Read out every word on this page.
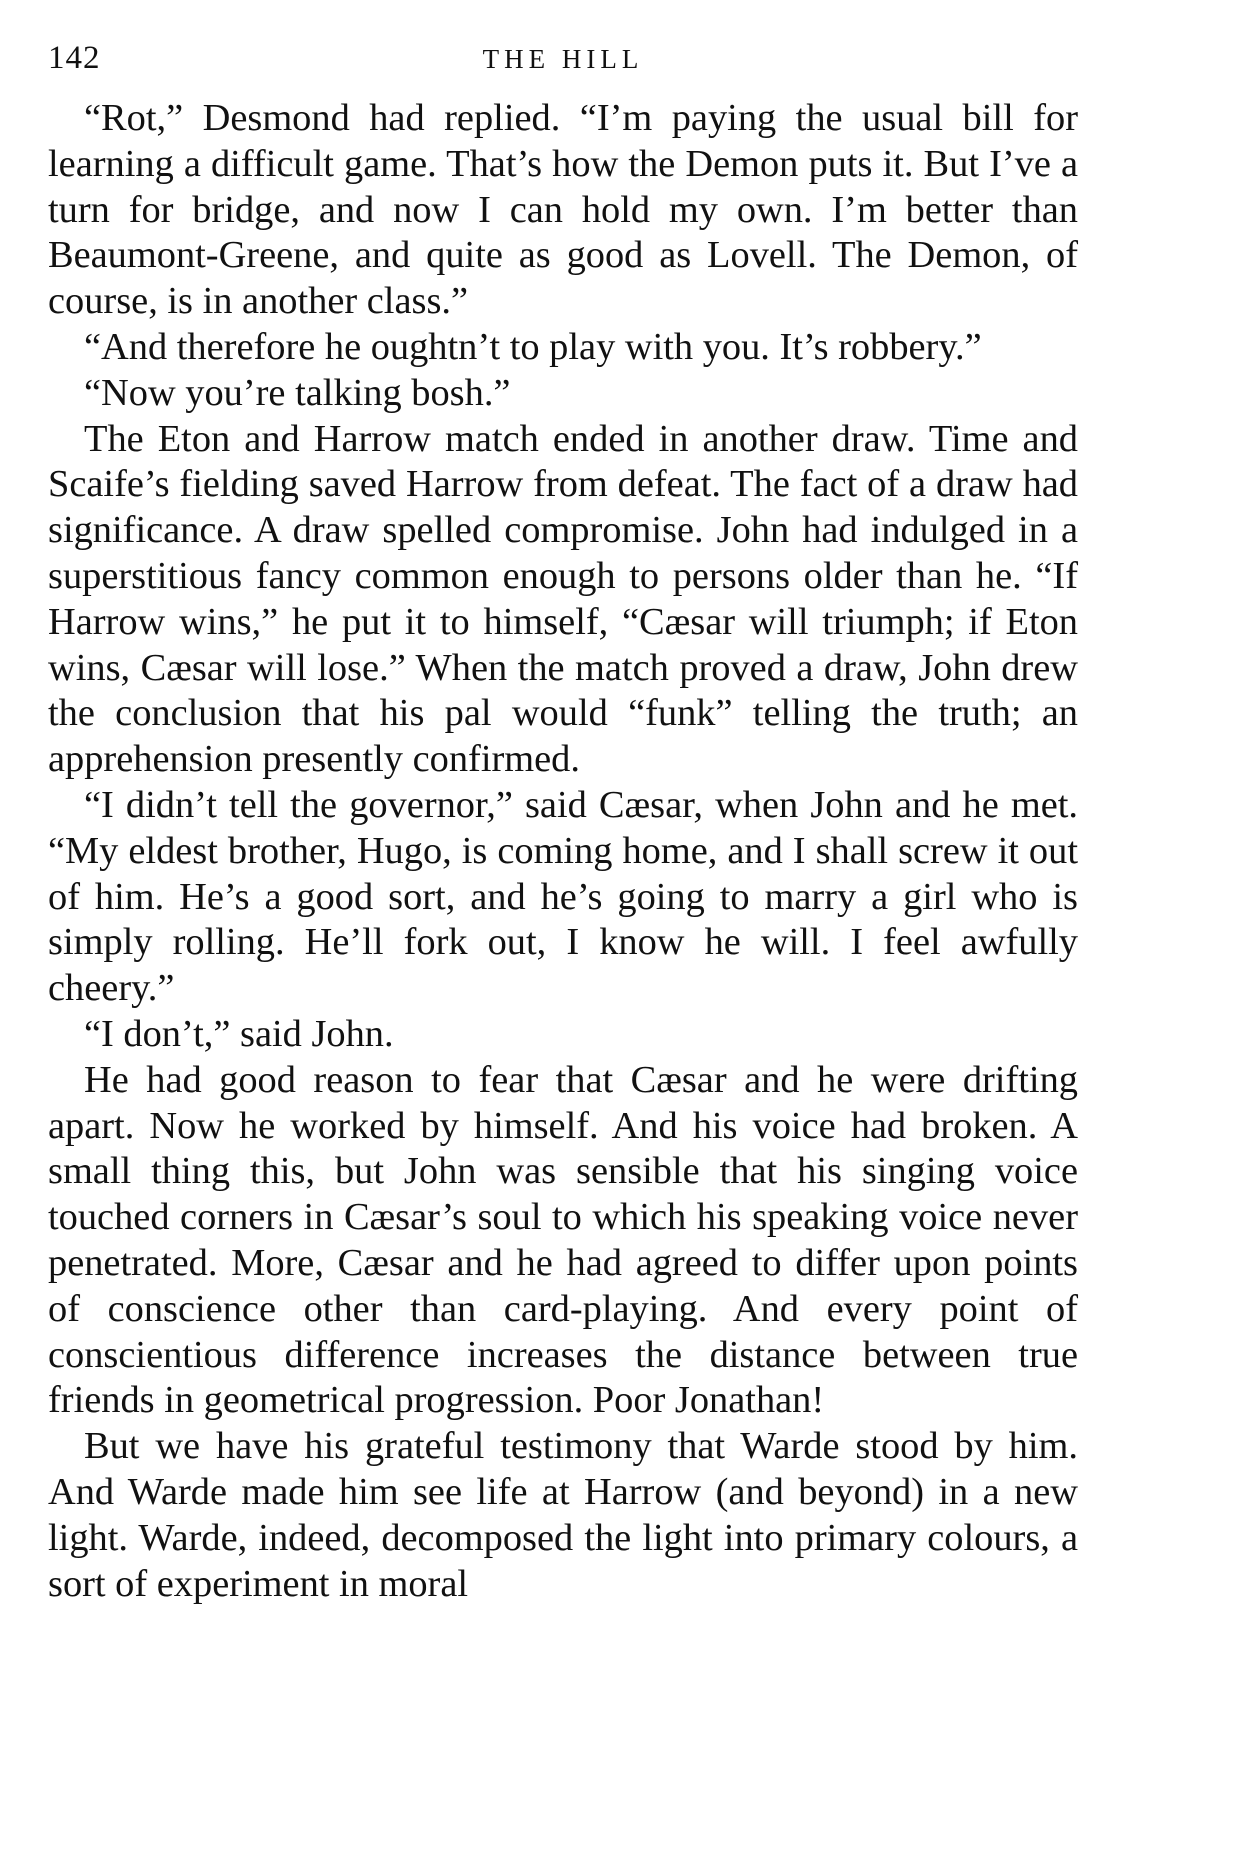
142	THE HILL

“Rot,” Desmond had replied. “I’m paying the usual bill for learning a difficult game. That’s how the Demon puts it. But I’ve a turn for bridge, and now I can hold my own. I’m better than Beaumont-Greene, and quite as good as Lovell. The Demon, of course, is in another class.”

“And therefore he oughtn’t to play with you. It’s robbery.”

“Now you’re talking bosh.”

The Eton and Harrow match ended in another draw. Time and Scaife’s fielding saved Harrow from defeat. The fact of a draw had significance. A draw spelled compromise. John had indulged in a superstitious fancy common enough to persons older than he. “If Harrow wins,” he put it to himself, “Cæsar will triumph; if Eton wins, Cæsar will lose.” When the match proved a draw, John drew the conclusion that his pal would “funk” telling the truth; an apprehension presently confirmed.

“I didn’t tell the governor,” said Cæsar, when John and he met. “My eldest brother, Hugo, is coming home, and I shall screw it out of him. He’s a good sort, and he’s going to marry a girl who is simply rolling. He’ll fork out, I know he will. I feel awfully cheery.”

“I don’t,” said John.

He had good reason to fear that Cæsar and he were drifting apart. Now he worked by himself. And his voice had broken. A small thing this, but John was sensible that his singing voice touched corners in Cæsar’s soul to which his speaking voice never penetrated. More, Cæsar and he had agreed to differ upon points of conscience other than card-playing. And every point of conscientious difference increases the distance between true friends in geometrical progression. Poor Jonathan!

But we have his grateful testimony that Warde stood by him. And Warde made him see life at Harrow (and beyond) in a new light. Warde, indeed, decomposed the light into primary colours, a sort of experiment in moral
